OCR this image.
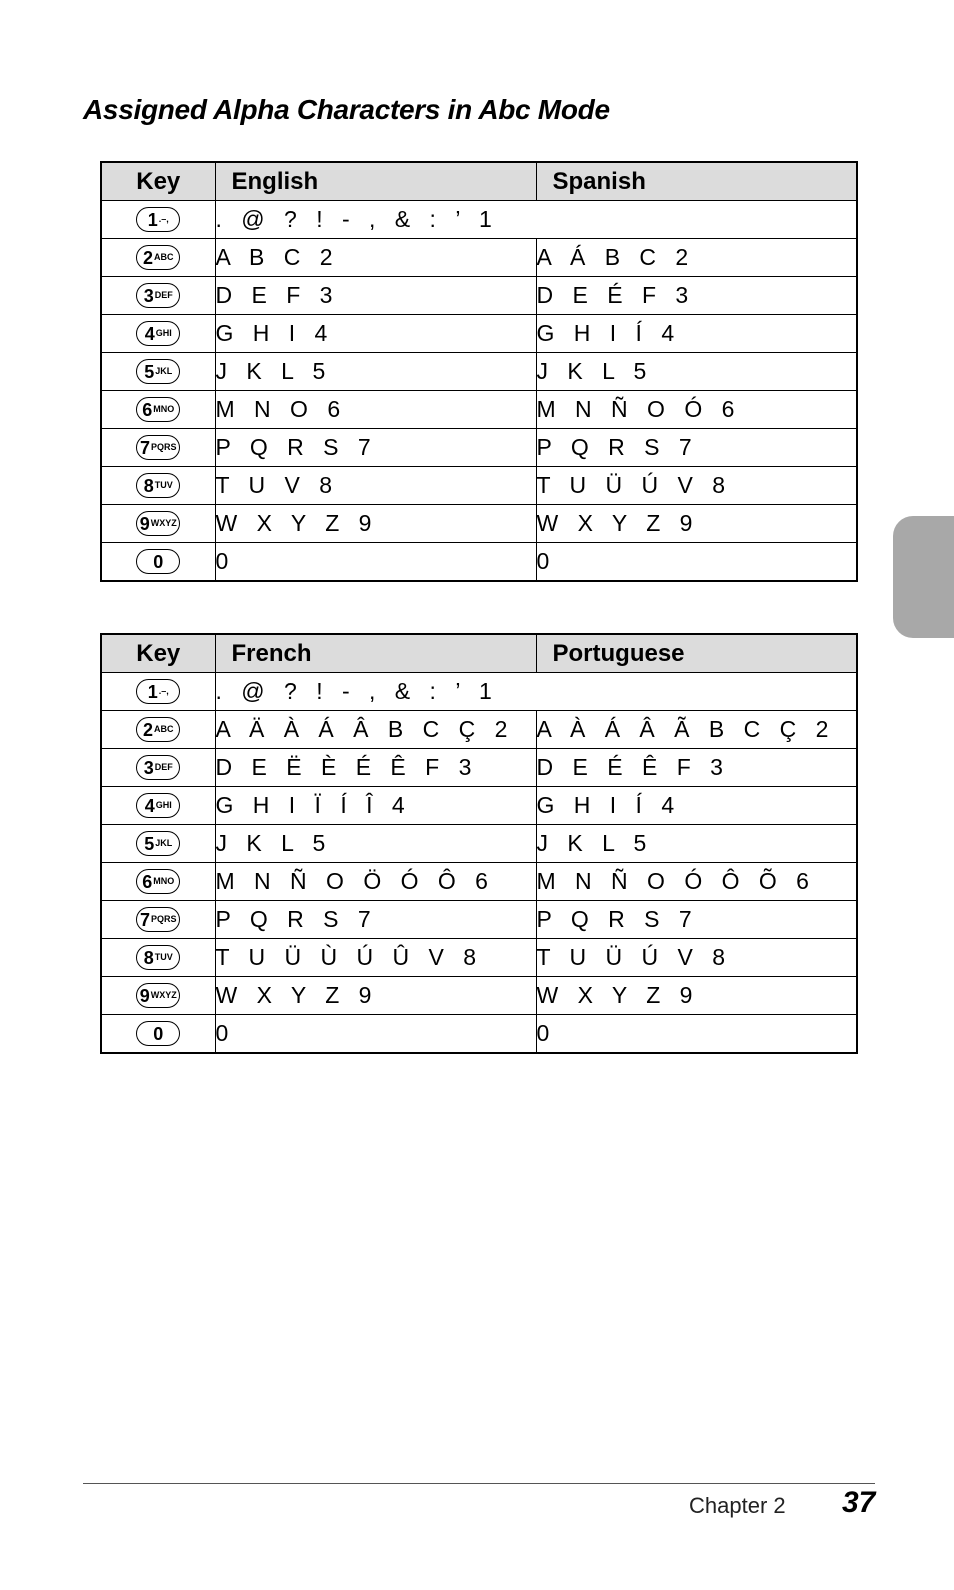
Assigned Alpha Characters in Abc Mode
Key	English	Spanish

1 .–,	. @ ? ! - , & : ’ 1	

2 ABC	A B C 2	A Á B C 2

3 DEF	D E F 3	D E É F 3

4 GHI	G H I 4	G H I Í 4

5 JKL	J K L 5	J K L 5

6 MNO	M N O 6	M N Ñ O Ó 6

7 PQRS	P Q R S 7	P Q R S 7

8 TUV	T U V 8	T U Ü Ú V 8

9 WXYZ	W X Y Z 9	W X Y Z 9

0	0	0
Key	French	Portuguese

1 .–,	. @ ? ! - , & : ’ 1	

2 ABC	A Ä À Á Â B C Ç 2	A À Á Â Ã B C Ç 2

3 DEF	D E Ë È É Ê F 3	D E É Ê F 3

4 GHI	G H I Ï Í Î 4	G H I Í 4

5 JKL	J K L 5	J K L 5

6 MNO	M N Ñ O Ö Ó Ô 6	M N Ñ O Ó Ô Õ 6

7 PQRS	P Q R S 7	P Q R S 7

8 TUV	T U Ü Ù Ú Û V 8	T U Ü Ú V 8

9 WXYZ	W X Y Z 9	W X Y Z 9

0	0	0
Chapter 2 37
